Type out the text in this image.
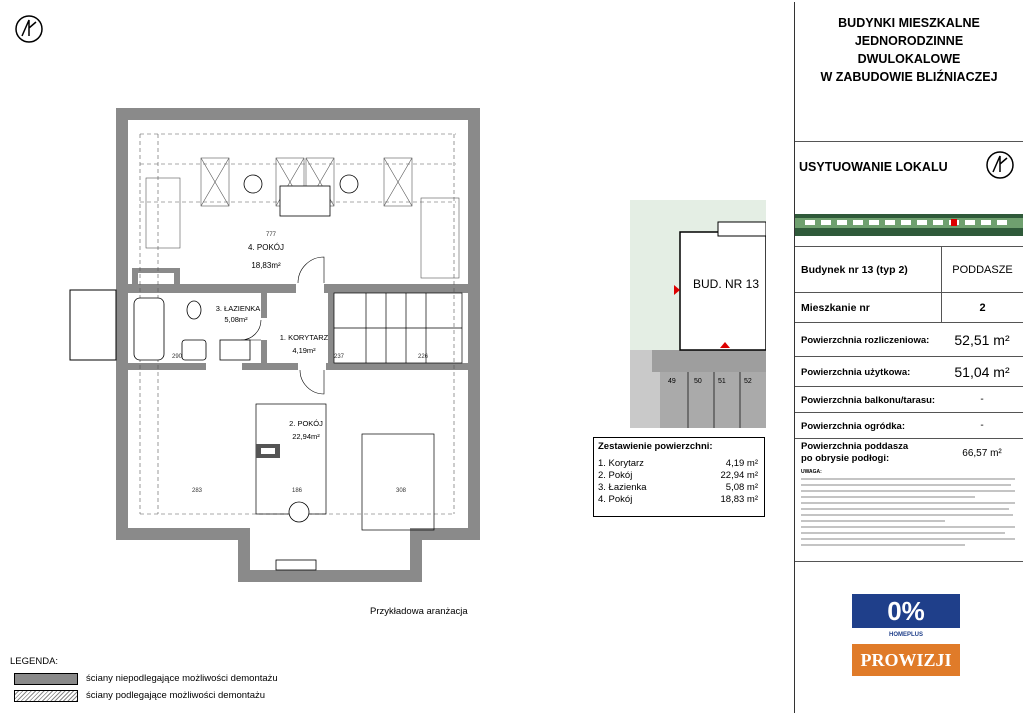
4. POKÓJ
18,83m²
3. ŁAZIENKA
5,08m²
1. KORYTARZ
4,19m²
2. POKÓJ
22,94m²
777
290	237	226
283	186	308
Przykładowa aranżacja
BUD. NR 13
49	50 51	52
Zestawienie powierzchni:
1. Korytarz	4,19 m²
2. Pokój	22,94 m²
3. Łazienka	5,08 m²
4. Pokój	18,83 m²
BUDYNKI MIESZKALNE
JEDNORODZINNE
DWULOKALOWE
W ZABUDOWIE BLIŹNIACZEJ
USYTUOWANIE LOKALU
Budynek nr 13 (typ 2)	PODDASZE
Mieszkanie nr	2
Powierzchnia rozliczeniowa:	52,51 m²
Powierzchnia użytkowa:	51,04 m²
Powierzchnia balkonu/tarasu:	-
Powierzchnia ogródka:	-
Powierzchnia poddasza
po obrysie podłogi:	66,57 m²
UWAGA:
0%
HOMEPLUS
PROWIZJI
LEGENDA:
ściany niepodlegające możliwości demontażu
ściany podlegające możliwości demontażu
